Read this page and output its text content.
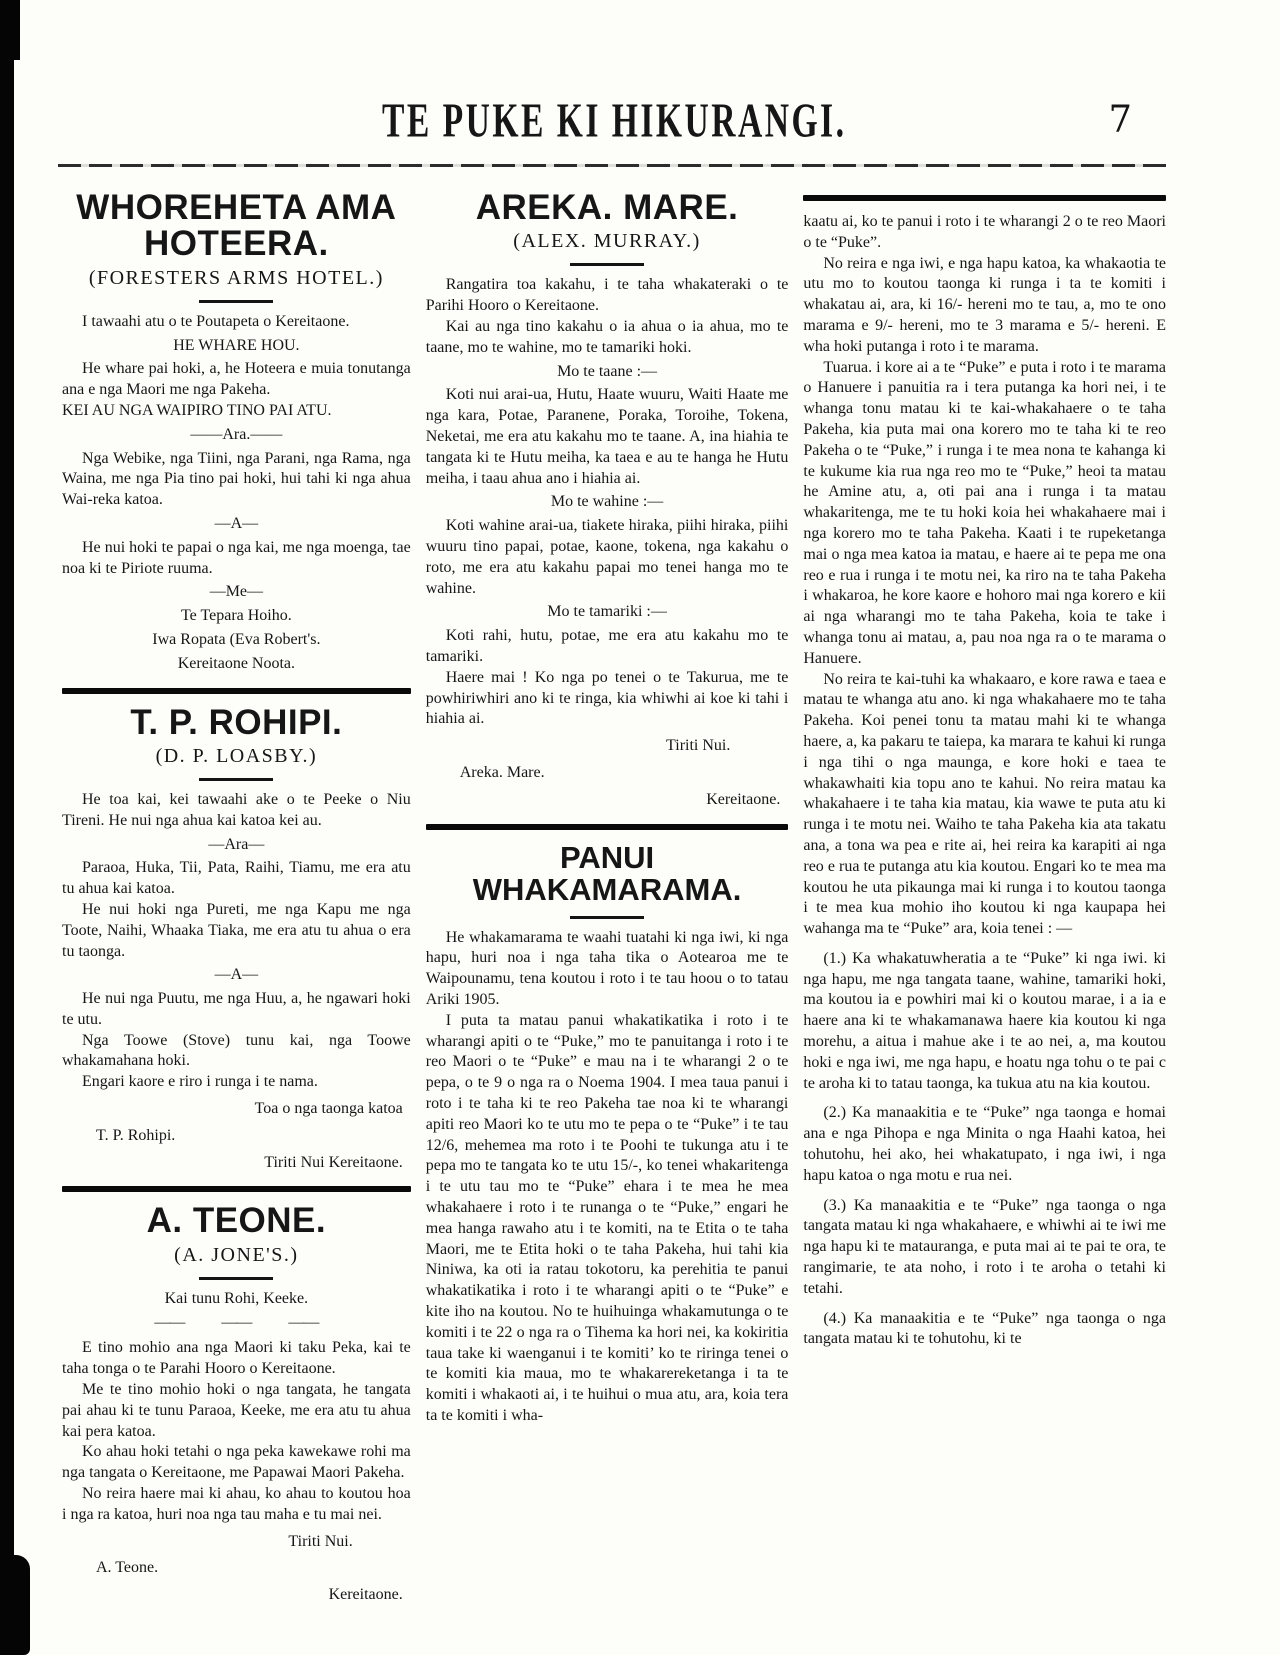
TE PUKE KI HIKURANGI.	7
WHOREHETA AMA HOTEERA.
(FORESTERS ARMS HOTEL.)
I tawaahi atu o te Poutapeta o Kereitaone.
HE WHARE HOU.
He whare pai hoki, a, he Hoteera e muia tonutanga ana e nga Maori me nga Pakeha.
KEI AU NGA WAIPIRO TINO PAI ATU.
——Ara.——
Nga Webike, nga Tiini, nga Parani, nga Rama, nga Waina, me nga Pia tino pai hoki, hui tahi ki nga ahua Wai-reka katoa.
—A—
He nui hoki te papai o nga kai, me nga moenga, tae noa ki te Piriote ruuma.
—Me—
Te Tepara Hoiho.
Iwa Ropata (Eva Robert's.
Kereitaone Noota.
T. P. ROHIPI.
(D. P. LOASBY.)
He toa kai, kei tawaahi ake o te Peeke o Niu Tireni. He nui nga ahua kai katoa kei au.
—Ara—
Paraoa, Huka, Tii, Pata, Raihi, Tiamu, me era atu tu ahua kai katoa.
He nui hoki nga Pureti, me nga Kapu me nga Toote, Naihi, Whaaka Tiaka, me era atu tu ahua o era tu taonga.
—A—
He nui nga Puutu, me nga Huu, a, he ngawari hoki te utu.
Nga Toowe (Stove) tunu kai, nga Toowe whakamahana hoki.
Engari kaore e riro i runga i te nama.
Toa o nga taonga katoa
T. P. Rohipi.
Tiriti Nui Kereitaone.
A. TEONE.
(A. JONE'S.)
Kai tunu Rohi, Keeke.
—— —— ——
E tino mohio ana nga Maori ki taku Peka, kai te taha tonga o te Parahi Hooro o Kereitaone.
Me te tino mohio hoki o nga tangata, he tangata pai ahau ki te tunu Paraoa, Keeke, me era atu tu ahua kai pera katoa.
Ko ahau hoki tetahi o nga peka kawekawe rohi ma nga tangata o Kereitaone, me Papawai Maori Pakeha.
No reira haere mai ki ahau, ko ahau to koutou hoa i nga ra katoa, huri noa nga tau maha e tu mai nei.
Tiriti Nui.
A. Teone.
Kereitaone.
AREKA. MARE.
(ALEX. MURRAY.)
Rangatira toa kakahu, i te taha whakateraki o te Parihi Hooro o Kereitaone.
Kai au nga tino kakahu o ia ahua o ia ahua, mo te taane, mo te wahine, mo te tamariki hoki.
Mo te taane :—
Koti nui arai-ua, Hutu, Haate wuuru, Waiti Haate me nga kara, Potae, Paranene, Poraka, Toroihe, Tokena, Neketai, me era atu kakahu mo te taane. A, ina hiahia te tangata ki te Hutu meiha, ka taea e au te hanga he Hutu meiha, i taau ahua ano i hiahia ai.
Mo te wahine :—
Koti wahine arai-ua, tiakete hiraka, piihi hiraka, piihi wuuru tino papai, potae, kaone, tokena, nga kakahu o roto, me era atu kakahu papai mo tenei hanga mo te wahine.
Mo te tamariki :—
Koti rahi, hutu, potae, me era atu kakahu mo te tamariki.
Haere mai ! Ko nga po tenei o te Takurua, me te powhiriwhiri ano ki te ringa, kia whiwhi ai koe ki tahi i hiahia ai.
Tiriti Nui.
Areka. Mare.
Kereitaone.
PANUI WHAKAMARAMA.
He whakamarama te waahi tuatahi ki nga iwi, ki nga hapu, huri noa i nga taha tika o Aotearoa me te Waipounamu, tena koutou i roto i te tau hoou o to tatau Ariki 1905.
I puta ta matau panui whakatikatika i roto i te wharangi apiti o te “Puke,” mo te panuitanga i roto i te reo Maori o te “Puke” e mau na i te wharangi 2 o te pepa, o te 9 o nga ra o Noema 1904. I mea taua panui i roto i te taha ki te reo Pakeha tae noa ki te wharangi apiti reo Maori ko te utu mo te pepa o te “Puke” i te tau 12/6, mehemea ma roto i te Poohi te tukunga atu i te pepa mo te tangata ko te utu 15/-, ko tenei whakaritenga i te utu tau mo te “Puke” ehara i te mea he mea whakahaere i roto i te runanga o te “Puke,” engari he mea hanga rawaho atu i te komiti, na te Etita o te taha Maori, me te Etita hoki o te taha Pakeha, hui tahi kia Niniwa, ka oti ia ratau tokotoru, ka perehitia te panui whakatikatika i roto i te wharangi apiti o te “Puke” e kite iho na koutou. No te huihuinga whakamutunga o te komiti i te 22 o nga ra o Tihema ka hori nei, ka kokiritia taua take ki waenganui i te komiti’ ko te riringa tenei o te komiti kia maua, mo te whakarereketanga i ta te komiti i whakaoti ai, i te huihui o mua atu, ara, koia tera ta te komiti i wha-
kaatu ai, ko te panui i roto i te wharangi 2 o te reo Maori o te “Puke”.
No reira e nga iwi, e nga hapu katoa, ka whakaotia te utu mo to koutou taonga ki runga i ta te komiti i whakatau ai, ara, ki 16/- hereni mo te tau, a, mo te ono marama e 9/- hereni, mo te 3 marama e 5/- hereni. E wha hoki putanga i roto i te marama.
Tuarua. i kore ai a te “Puke” e puta i roto i te marama o Hanuere i panuitia ra i tera putanga ka hori nei, i te whanga tonu matau ki te kai-whakahaere o te taha Pakeha, kia puta mai ona korero mo te taha ki te reo Pakeha o te “Puke,” i runga i te mea nona te kahanga ki te kukume kia rua nga reo mo te “Puke,” heoi ta matau he Amine atu, a, oti pai ana i runga i ta matau whakaritenga, me te tu hoki koia hei whakahaere mai i nga korero mo te taha Pakeha. Kaati i te rupeketanga mai o nga mea katoa ia matau, e haere ai te pepa me ona reo e rua i runga i te motu nei, ka riro na te taha Pakeha i whakaroa, he kore kaore e hohoro mai nga korero e kii ai nga wharangi mo te taha Pakeha, koia te take i whanga tonu ai matau, a, pau noa nga ra o te marama o Hanuere.
No reira te kai-tuhi ka whakaaro, e kore rawa e taea e matau te whanga atu ano. ki nga whakahaere mo te taha Pakeha. Koi penei tonu ta matau mahi ki te whanga haere, a, ka pakaru te taiepa, ka marara te kahui ki runga i nga tihi o nga maunga, e kore hoki e taea te whakawhaiti kia topu ano te kahui. No reira matau ka whakahaere i te taha kia matau, kia wawe te puta atu ki runga i te motu nei. Waiho te taha Pakeha kia ata takatu ana, a tona wa pea e rite ai, hei reira ka karapiti ai nga reo e rua te putanga atu kia koutou. Engari ko te mea ma koutou he uta pikaunga mai ki runga i to koutou taonga i te mea kua mohio iho koutou ki nga kaupapa hei wahanga ma te “Puke” ara, koia tenei : —
(1.) Ka whakatuwheratia a te “Puke” ki nga iwi. ki nga hapu, me nga tangata taane, wahine, tamariki hoki, ma koutou ia e powhiri mai ki o koutou marae, i a ia e haere ana ki te whakamanawa haere kia koutou ki nga morehu, a aitua i mahue ake i te ao nei, a, ma koutou hoki e nga iwi, me nga hapu, e hoatu nga tohu o te pai c te aroha ki to tatau taonga, ka tukua atu na kia koutou.
(2.) Ka manaakitia e te “Puke” nga taonga e homai ana e nga Pihopa e nga Minita o nga Haahi katoa, hei tohutohu, hei ako, hei whakatupato, i nga iwi, i nga hapu katoa o nga motu e rua nei.
(3.) Ka manaakitia e te “Puke” nga taonga o nga tangata matau ki nga whakahaere, e whiwhi ai te iwi me nga hapu ki te matauranga, e puta mai ai te pai te ora, te rangimarie, te ata noho, i roto i te aroha o tetahi ki tetahi.
(4.) Ka manaakitia e te “Puke” nga taonga o nga tangata matau ki te tohutohu, ki te
